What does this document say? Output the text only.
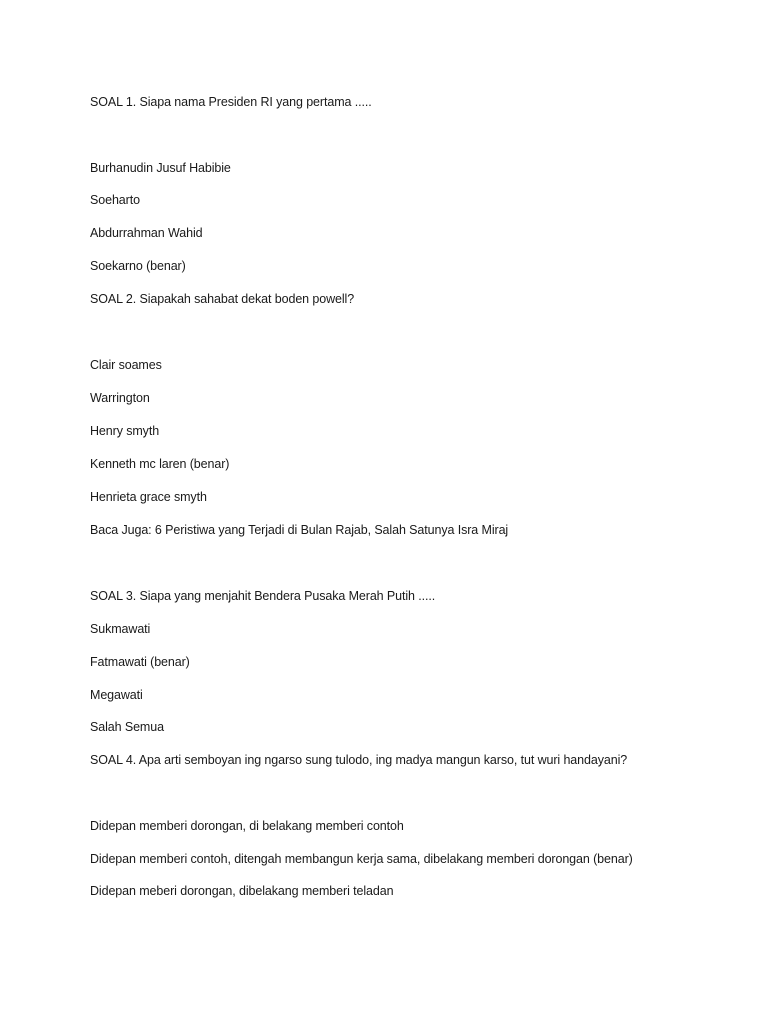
SOAL 1. Siapa nama Presiden RI yang pertama .....
Burhanudin Jusuf Habibie
Soeharto
Abdurrahman Wahid
Soekarno (benar)
SOAL 2. Siapakah sahabat dekat boden powell?
Clair soames
Warrington
Henry smyth
Kenneth mc laren (benar)
Henrieta grace smyth
Baca Juga: 6 Peristiwa yang Terjadi di Bulan Rajab, Salah Satunya Isra Miraj
SOAL 3. Siapa yang menjahit Bendera Pusaka Merah Putih .....
Sukmawati
Fatmawati (benar)
Megawati
Salah Semua
SOAL 4. Apa arti semboyan ing ngarso sung tulodo, ing madya mangun karso, tut wuri handayani?
Didepan memberi dorongan, di belakang memberi contoh
Didepan memberi contoh, ditengah membangun kerja sama, dibelakang memberi dorongan (benar)
Didepan meberi dorongan, dibelakang memberi teladan
